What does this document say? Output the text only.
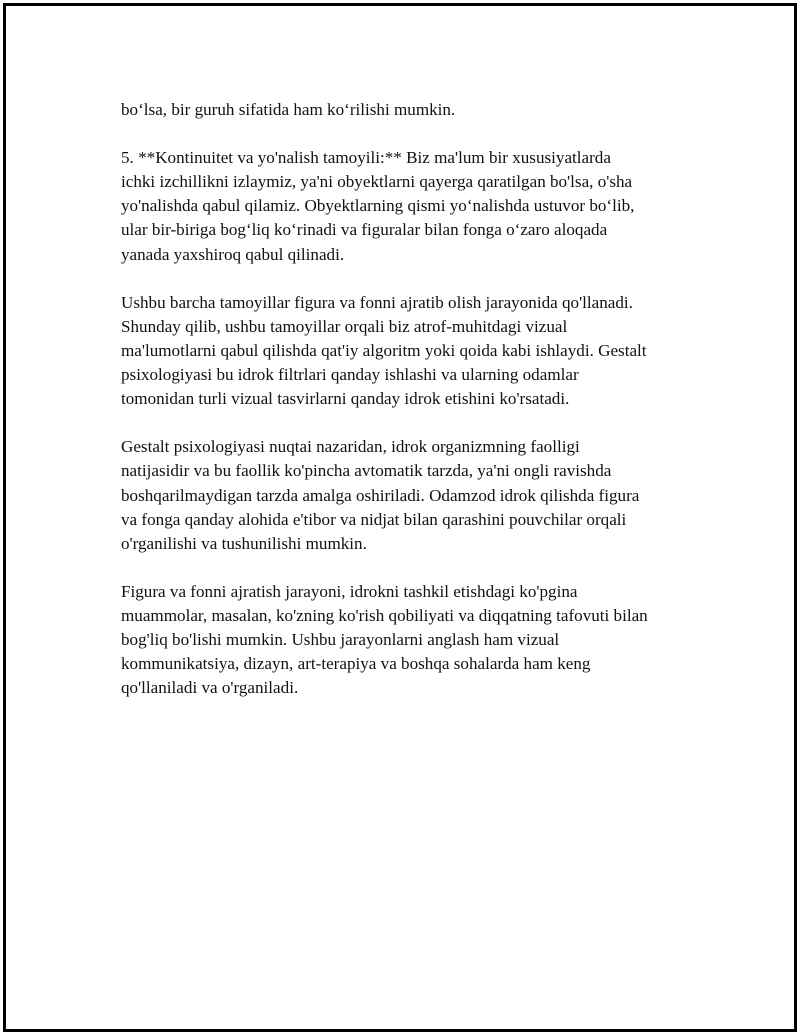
bo‘lsa, bir guruh sifatida ham ko‘rilishi mumkin.

5. **Kontinuitet va yo'nalish tamoyili:** Biz ma'lum bir xususiyatlarda
ichki izchillikni izlaymiz, ya'ni obyektlarni qayerga qaratilgan bo'lsa, o'sha
yo'nalishda qabul qilamiz. Obyektlarning qismi yo‘nalishda ustuvor bo‘lib,
ular bir-biriga bog‘liq ko‘rinadi va figuralar bilan fonga o‘zaro aloqada
yanada yaxshiroq qabul qilinadi.

Ushbu barcha tamoyillar figura va fonni ajratib olish jarayonida qo'llanadi.
Shunday qilib, ushbu tamoyillar orqali biz atrof-muhitdagi vizual
ma'lumotlarni qabul qilishda qat'iy algoritm yoki qoida kabi ishlaydi. Gestalt
psixologiyasi bu idrok filtrlari qanday ishlashi va ularning odamlar
tomonidan turli vizual tasvirlarni qanday idrok etishini ko'rsatadi.

Gestalt psixologiyasi nuqtai nazaridan, idrok organizmning faolligi
natijasidir va bu faollik ko'pincha avtomatik tarzda, ya'ni ongli ravishda
boshqarilmaydigan tarzda amalga oshiriladi. Odamzod idrok qilishda figura
va fonga qanday alohida e'tibor va nidjat bilan qarashini pouvchilar orqali
o'rganilishi va tushunilishi mumkin.

Figura va fonni ajratish jarayoni, idrokni tashkil etishdagi ko'pgina
muammolar, masalan, ko'zning ko'rish qobiliyati va diqqatning tafovuti bilan
bog'liq bo'lishi mumkin. Ushbu jarayonlarni anglash ham vizual
kommunikatsiya, dizayn, art-terapiya va boshqa sohalarda ham keng
qo'llaniladi va o'rganiladi.
